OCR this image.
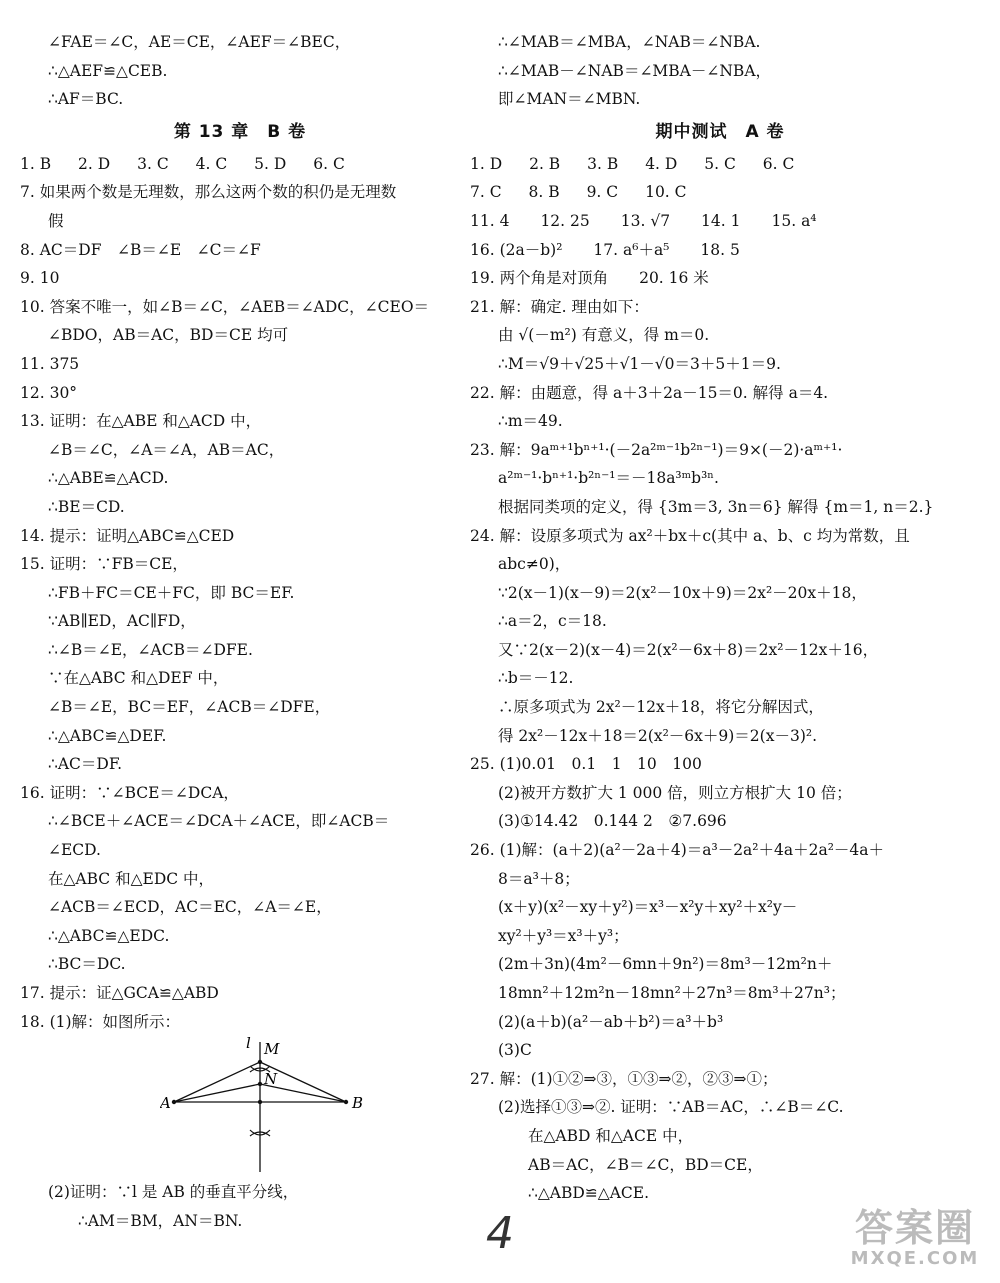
∠FAE＝∠C，AE＝CE，∠AEF＝∠BEC，
∴△AEF≌△CEB.
∴AF＝BC.
第 13 章　B 卷
1. B 2. D 3. C 4. C 5. D 6. C
7. 如果两个数是无理数，那么这两个数的积仍是无理数
假
8. AC＝DF　∠B＝∠E　∠C＝∠F
9. 10
10. 答案不唯一，如∠B＝∠C，∠AEB＝∠ADC，∠CEO＝
∠BDO，AB＝AC，BD＝CE 均可
11. 375
12. 30°
13. 证明：在△ABE 和△ACD 中，
∠B＝∠C，∠A＝∠A，AB＝AC，
∴△ABE≌△ACD.
∴BE＝CD.
14. 提示：证明△ABC≌△CED
15. 证明：∵FB＝CE，
∴FB＋FC＝CE＋FC，即 BC＝EF.
∵AB∥ED，AC∥FD，
∴∠B＝∠E，∠ACB＝∠DFE.
∵在△ABC 和△DEF 中，
∠B＝∠E，BC＝EF，∠ACB＝∠DFE，
∴△ABC≌△DEF.
∴AC＝DF.
16. 证明：∵∠BCE＝∠DCA，
∴∠BCE＋∠ACE＝∠DCA＋∠ACE，即∠ACB＝
∠ECD.
在△ABC 和△EDC 中，
∠ACB＝∠ECD，AC＝EC，∠A＝∠E，
∴△ABC≌△EDC.
∴BC＝DC.
17. 提示：证△GCA≌△ABD
18. (1)解：如图所示：
l M
N
A	B
(2)证明：∵l 是 AB 的垂直平分线，
∴AM＝BM，AN＝BN.
∴∠MAB＝∠MBA，∠NAB＝∠NBA.
∴∠MAB－∠NAB＝∠MBA－∠NBA，
即∠MAN＝∠MBN.
期中测试　A 卷
1. D 2. B 3. B 4. D 5. C 6. C
7. C 8. B 9. C 10. C
11. 4　　12. 25　　13. √7　　14. 1　　15. a⁴
16. (2a－b)²　　17. a⁶＋a⁵　　18. 5
19. 两个角是对顶角　　20. 16 米
21. 解：确定. 理由如下：
由 √(－m²) 有意义，得 m＝0.
∴M＝√9＋√25＋√1－√0＝3＋5＋1＝9.
22. 解：由题意，得 a＋3＋2a－15＝0. 解得 a＝4.
∴m＝49.
23. 解：9aᵐ⁺¹bⁿ⁺¹·(－2a²ᵐ⁻¹b²ⁿ⁻¹)＝9×(－2)·aᵐ⁺¹·
a²ᵐ⁻¹·bⁿ⁺¹·b²ⁿ⁻¹＝－18a³ᵐb³ⁿ.
根据同类项的定义，得 {3m＝3, 3n＝6} 解得 {m＝1, n＝2.}
24. 解：设原多项式为 ax²＋bx＋c(其中 a、b、c 均为常数，且
abc≠0)，
∵2(x－1)(x－9)＝2(x²－10x＋9)＝2x²－20x＋18，
∴a＝2，c＝18.
又∵2(x－2)(x－4)＝2(x²－6x＋8)＝2x²－12x＋16，
∴b＝－12.
∴原多项式为 2x²－12x＋18，将它分解因式，
得 2x²－12x＋18＝2(x²－6x＋9)＝2(x－3)².
25. (1)0.01　0.1　1　10　100
(2)被开方数扩大 1 000 倍，则立方根扩大 10 倍；
(3)①14.42　0.144 2　②7.696
26. (1)解：(a＋2)(a²－2a＋4)＝a³－2a²＋4a＋2a²－4a＋
8＝a³＋8；
(x＋y)(x²－xy＋y²)＝x³－x²y＋xy²＋x²y－
xy²＋y³＝x³＋y³；
(2m＋3n)(4m²－6mn＋9n²)＝8m³－12m²n＋
18mn²＋12m²n－18mn²＋27n³＝8m³＋27n³；
(2)(a＋b)(a²－ab＋b²)＝a³＋b³
(3)C
27. 解：(1)①②⇒③，①③⇒②，②③⇒①；
(2)选择①③⇒②. 证明：∵AB＝AC，∴∠B＝∠C.
在△ABD 和△ACE 中，
AB＝AC，∠B＝∠C，BD＝CE，
∴△ABD≌△ACE.
4	答案圈
MXQE.COM
